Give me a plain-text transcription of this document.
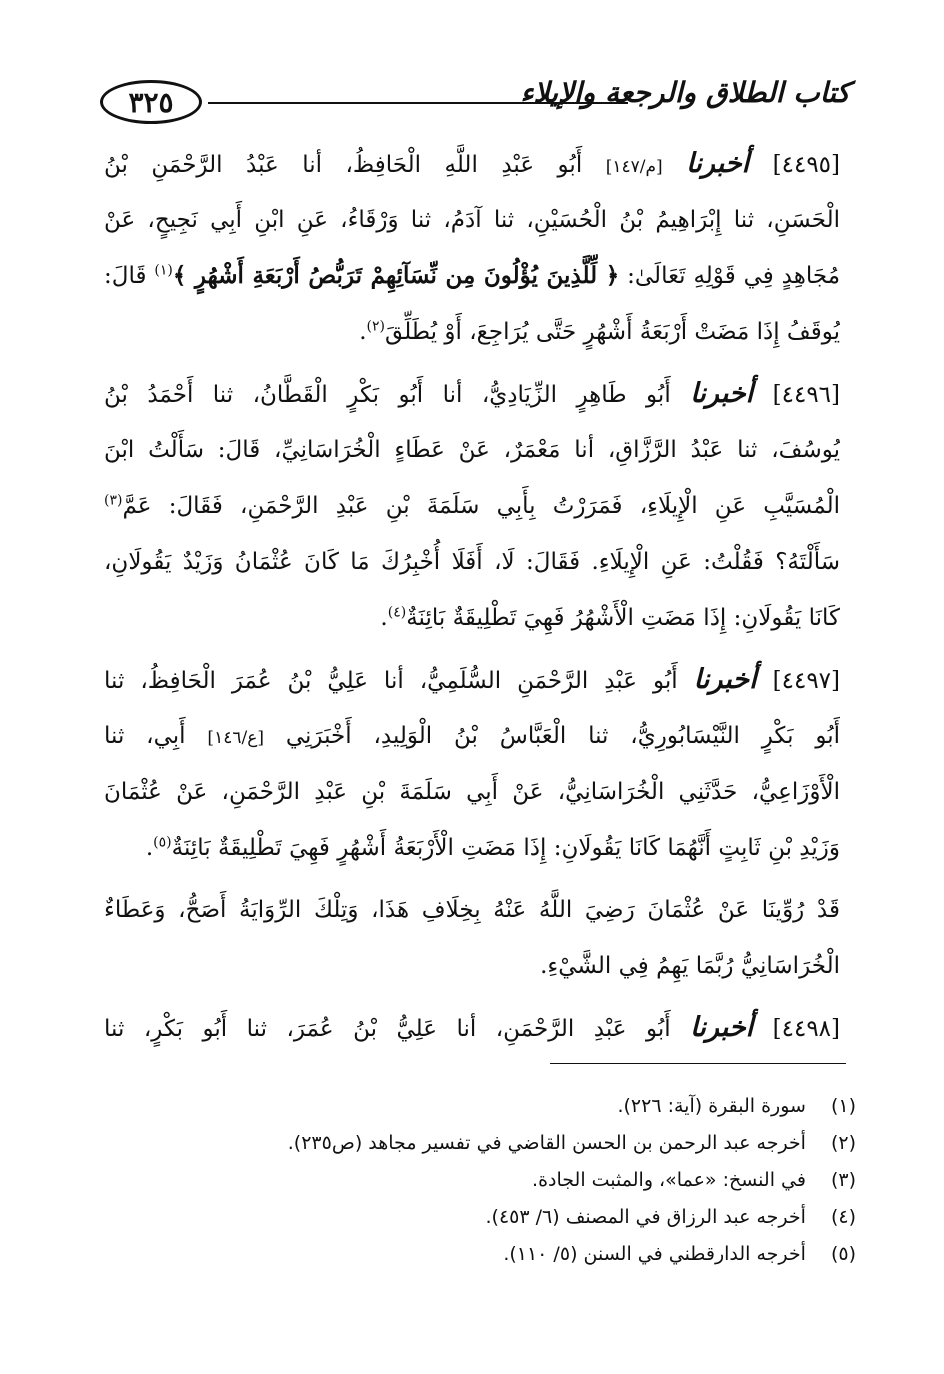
٣٢٥	كتاب الطلاق والرجعة والإيلاء
[٤٤٩٥] أخبرنا [م/١٤٧] أَبُو عَبْدِ اللَّهِ الْحَافِظُ، أنا عَبْدُ الرَّحْمَنِ بْنُ
الْحَسَنِ، ثنا إِبْرَاهِيمُ بْنُ الْحُسَيْنِ، ثنا آدَمُ، ثنا وَرْقَاءُ، عَنِ ابْنِ أَبِي نَجِيحٍ، عَنْ
مُجَاهِدٍ فِي قَوْلِهِ تَعَالَىٰ: ﴿ لِّلَّذِينَ يُؤْلُونَ مِن نِّسَآئِهِمْ تَرَبُّصُ أَرْبَعَةِ أَشْهُرٍ ﴾$^{(١)}$ قَالَ:
يُوقَفُ إِذَا مَضَتْ أَرْبَعَةُ أَشْهُرٍ حَتَّى يُرَاجِعَ، أَوْ يُطَلِّقَ$^{(٢)}$.
[٤٤٩٦] أخبرنا أَبُو طَاهِرٍ الزِّيَادِيُّ، أنا أَبُو بَكْرٍ الْقَطَّانُ، ثنا أَحْمَدُ بْنُ
يُوسُفَ، ثنا عَبْدُ الرَّزَّاقِ، أنا مَعْمَرٌ، عَنْ عَطَاءٍ الْخُرَاسَانِيِّ، قَالَ: سَأَلْتُ ابْنَ
الْمُسَيَّبِ عَنِ الْإِيلَاءِ، فَمَرَرْتُ بِأَبِي سَلَمَةَ بْنِ عَبْدِ الرَّحْمَنِ، فَقَالَ: عَمَّ$^{(٣)}$
سَأَلْتَهُ؟ فَقُلْتُ: عَنِ الْإِيلَاءِ. فَقَالَ: لَا، أَفَلَا أُخْبِرُكَ مَا كَانَ عُثْمَانُ وَزَيْدٌ يَقُولَانِ،
كَانَا يَقُولَانِ: إِذَا مَضَتِ الْأَشْهُرُ فَهِيَ تَطْلِيقَةٌ بَائِنَةٌ$^{(٤)}$.
[٤٤٩٧] أخبرنا أَبُو عَبْدِ الرَّحْمَنِ السُّلَمِيُّ، أنا عَلِيُّ بْنُ عُمَرَ الْحَافِظُ، ثنا
أَبُو بَكْرٍ النَّيْسَابُورِيُّ، ثنا الْعَبَّاسُ بْنُ الْوَلِيدِ، أَخْبَرَنِي [ع/١٤٦] أَبِي، ثنا
الْأَوْزَاعِيُّ، حَدَّثَنِي الْخُرَاسَانِيُّ، عَنْ أَبِي سَلَمَةَ بْنِ عَبْدِ الرَّحْمَنِ، عَنْ عُثْمَانَ
وَزَيْدِ بْنِ ثَابِتٍ أَنَّهُمَا كَانَا يَقُولَانِ: إِذَا مَضَتِ الْأَرْبَعَةُ أَشْهُرٍ فَهِيَ تَطْلِيقَةٌ بَائِنَةٌ$^{(٥)}$.
قَدْ رُوِّينَا عَنْ عُثْمَانَ رَضِيَ اللَّهُ عَنْهُ بِخِلَافِ هَذَا، وَتِلْكَ الرِّوَايَةُ أَصَحُّ، وَعَطَاءٌ
الْخُرَاسَانِيُّ رُبَّمَا يَهِمُ فِي الشَّيْءِ.
[٤٤٩٨] أخبرنا أَبُو عَبْدِ الرَّحْمَنِ، أنا عَلِيُّ بْنُ عُمَرَ، ثنا أَبُو بَكْرٍ، ثنا
(١) سورة البقرة (آية: ٢٢٦).
(٢) أخرجه عبد الرحمن بن الحسن القاضي في تفسير مجاهد (ص٢٣٥).
(٣) في النسخ: «عما»، والمثبت الجادة.
(٤) أخرجه عبد الرزاق في المصنف (٦/ ٤٥٣).
(٥) أخرجه الدارقطني في السنن (٥/ ١١٠).
